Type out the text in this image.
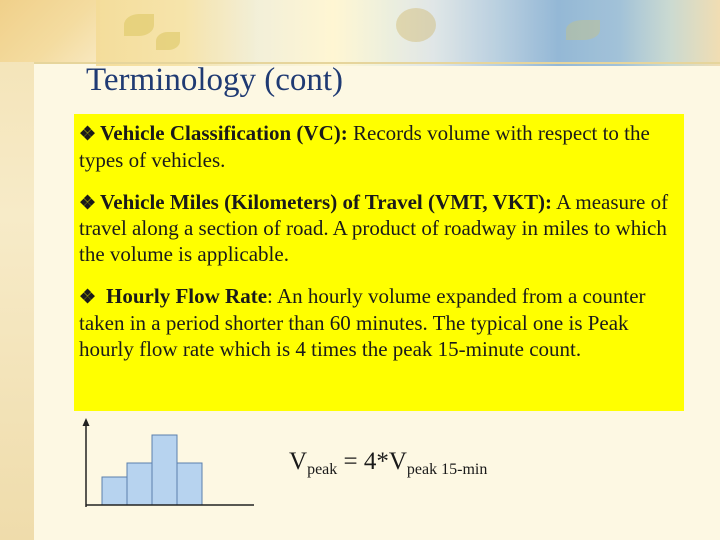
Terminology (cont)

❖ Vehicle Classification (VC): Records volume with respect to the types of vehicles.

❖ Vehicle Miles (Kilometers) of Travel (VMT, VKT): A measure of travel along a section of road. A product of roadway in miles to which the volume is applicable.

❖ Hourly Flow Rate: An hourly volume expanded from a counter taken in a period shorter than 60 minutes. The typical one is Peak hourly flow rate which is 4 times the peak 15-minute count.

$V_{peak} = 4*V_{peak 15-min}$
